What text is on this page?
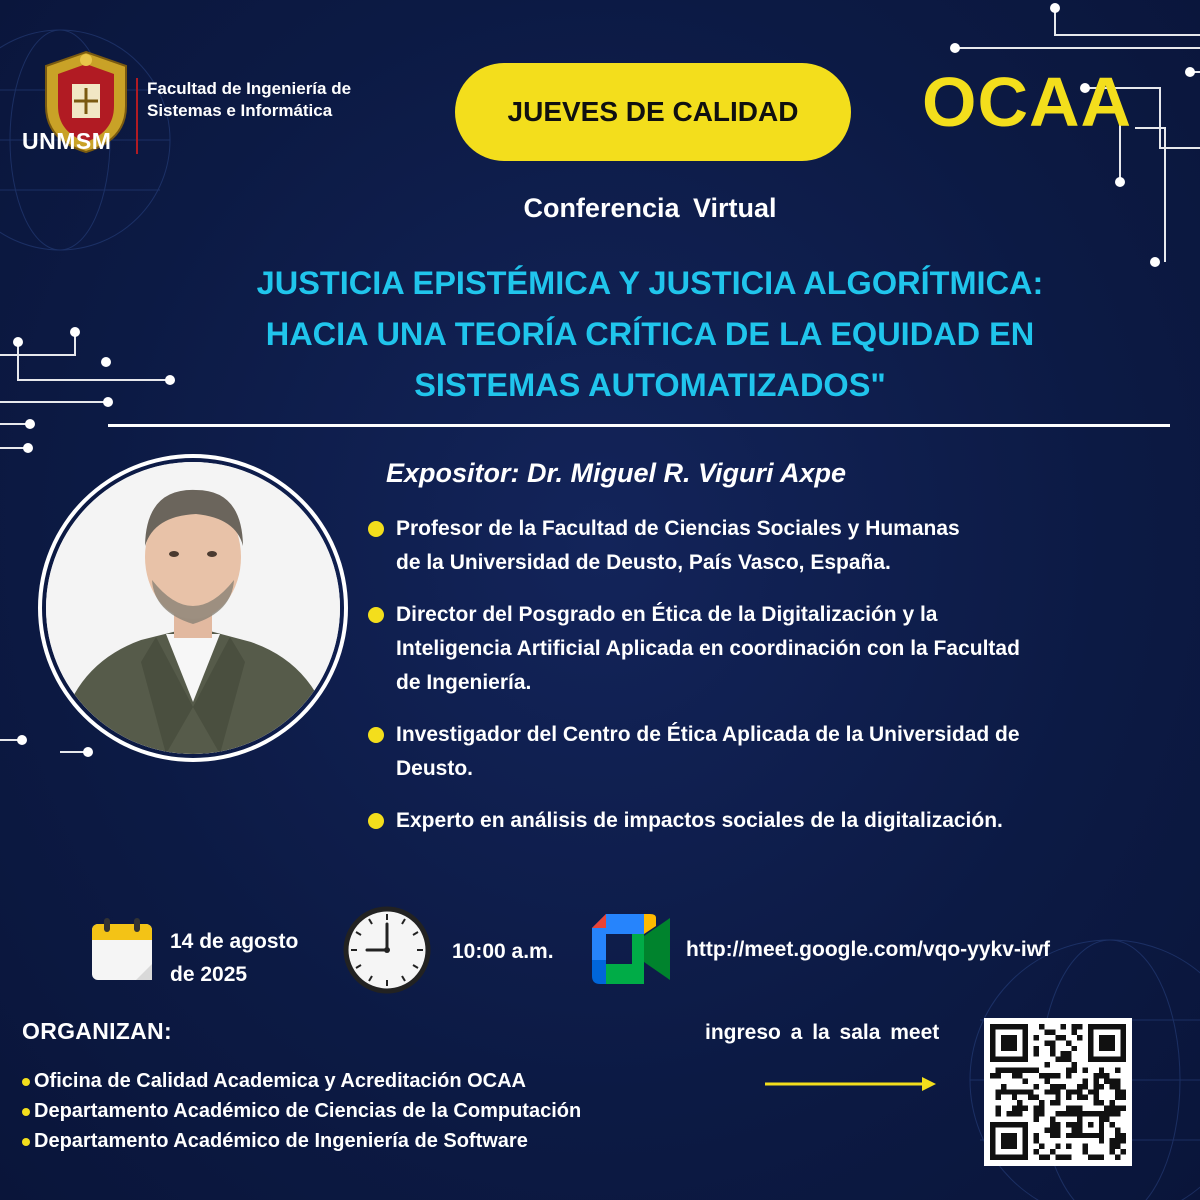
UNMSM
Facultad de Ingeniería de
Sistemas e Informática	JUEVES DE CALIDAD OCAA
Conferencia Virtual
JUSTICIA EPISTÉMICA Y JUSTICIA ALGORÍTMICA:
HACIA UNA TEORÍA CRÍTICA DE LA EQUIDAD EN
SISTEMAS AUTOMATIZADOS"
Expositor: Dr. Miguel R. Viguri Axpe
Profesor de la Facultad de Ciencias Sociales y Humanas
de la Universidad de Deusto, País Vasco, España.
Director del Posgrado en Ética de la Digitalización y la
Inteligencia Artificial Aplicada en coordinación con la Facultad
de Ingeniería.
Investigador del Centro de Ética Aplicada de la Universidad de
Deusto.
Experto en análisis de impactos sociales de la digitalización.
14 de agosto
de 2025
10:00 a.m.	http://meet.google.com/vqo-yykv-iwf
ORGANIZAN:
Oficina de Calidad Academica y Acreditación OCAA
Departamento Académico de Ciencias de la Computación
Departamento Académico de Ingeniería de Software
ingreso a la sala meet
